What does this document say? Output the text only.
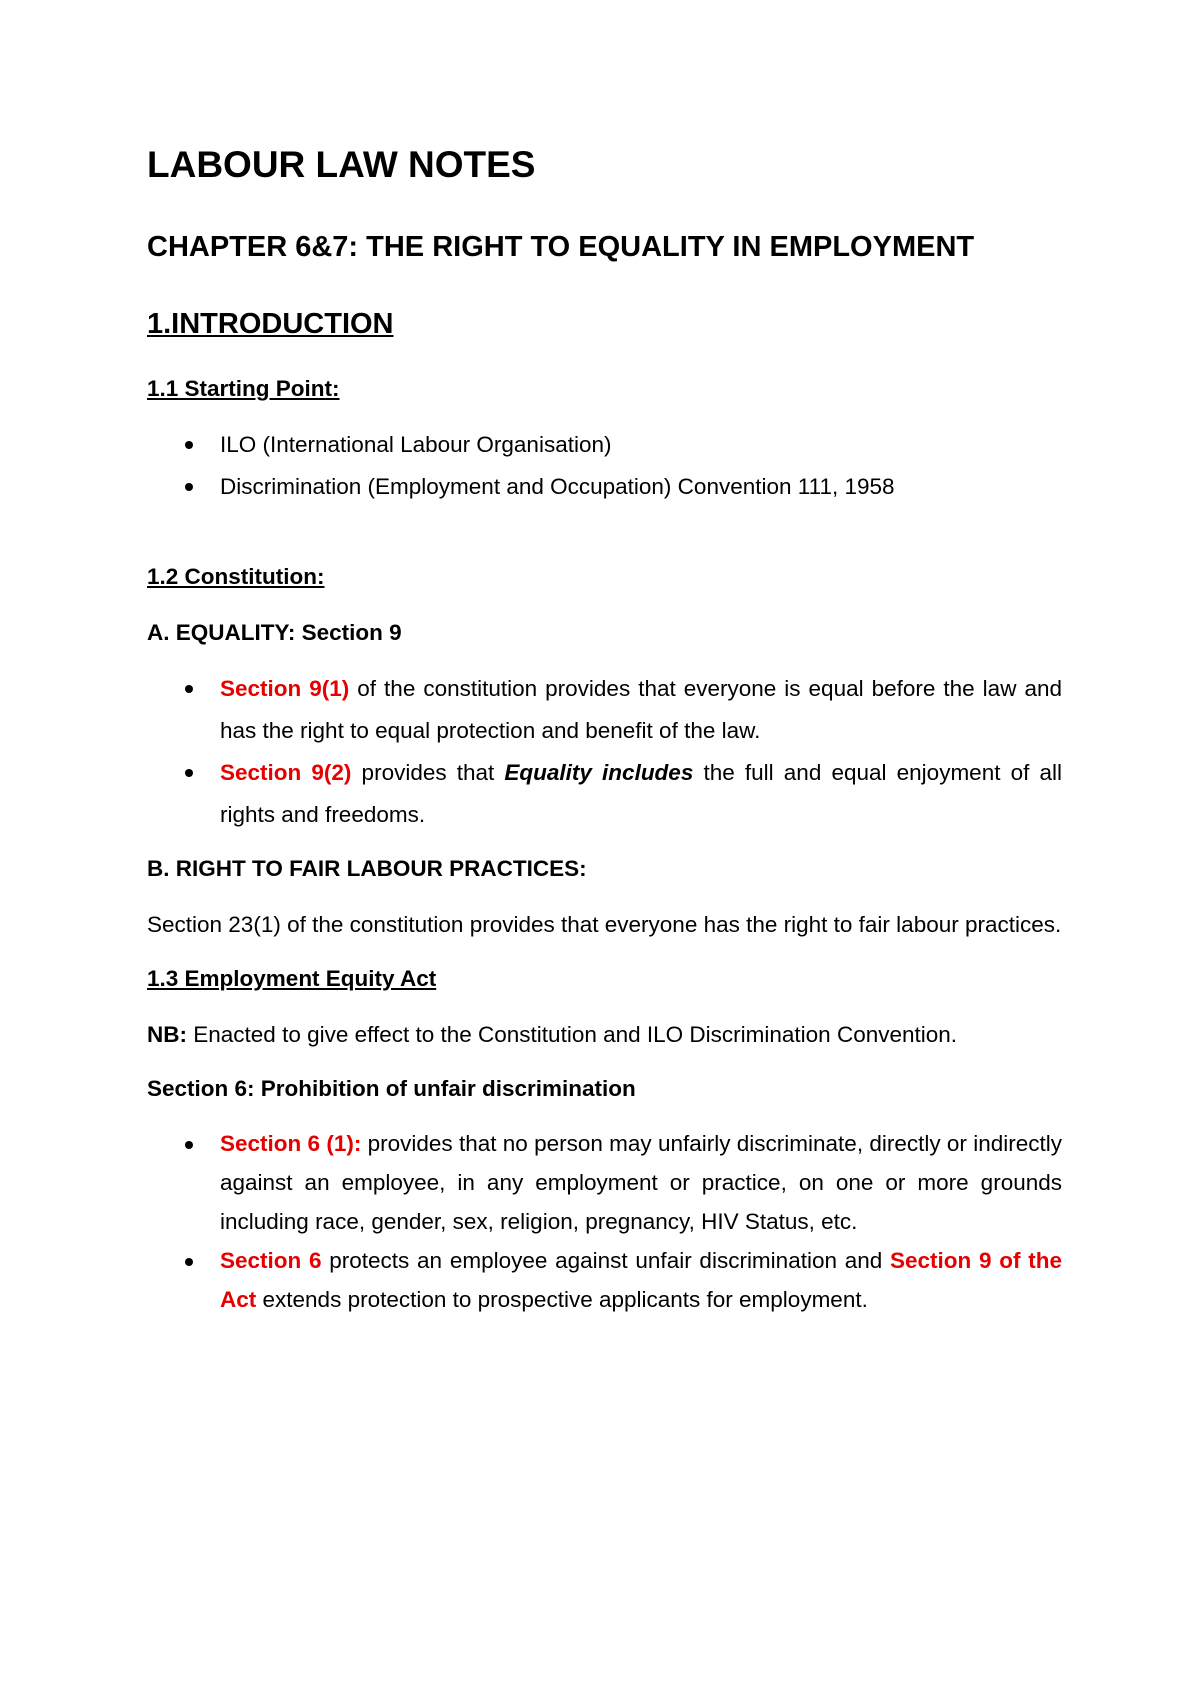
LABOUR LAW NOTES
CHAPTER 6&7: THE RIGHT TO EQUALITY IN EMPLOYMENT
1.INTRODUCTION

1.1 Starting Point:

ILO (International Labour Organisation)
Discrimination (Employment and Occupation) Convention 111, 1958

1.2 Constitution:

A. EQUALITY: Section 9

Section 9(1) of the constitution provides that everyone is equal before the law and has the right to equal protection and benefit of the law.
Section 9(2) provides that Equality includes the full and equal enjoyment of all rights and freedoms.

B. RIGHT TO FAIR LABOUR PRACTICES:

Section 23(1) of the constitution provides that everyone has the right to fair labour practices.

1.3 Employment Equity Act

NB: Enacted to give effect to the Constitution and ILO Discrimination Convention.

Section 6: Prohibition of unfair discrimination

Section 6 (1): provides that no person may unfairly discriminate, directly or indirectly against an employee, in any employment or practice, on one or more grounds including race, gender, sex, religion, pregnancy, HIV Status, etc.
Section 6 protects an employee against unfair discrimination and Section 9 of the Act extends protection to prospective applicants for employment.
